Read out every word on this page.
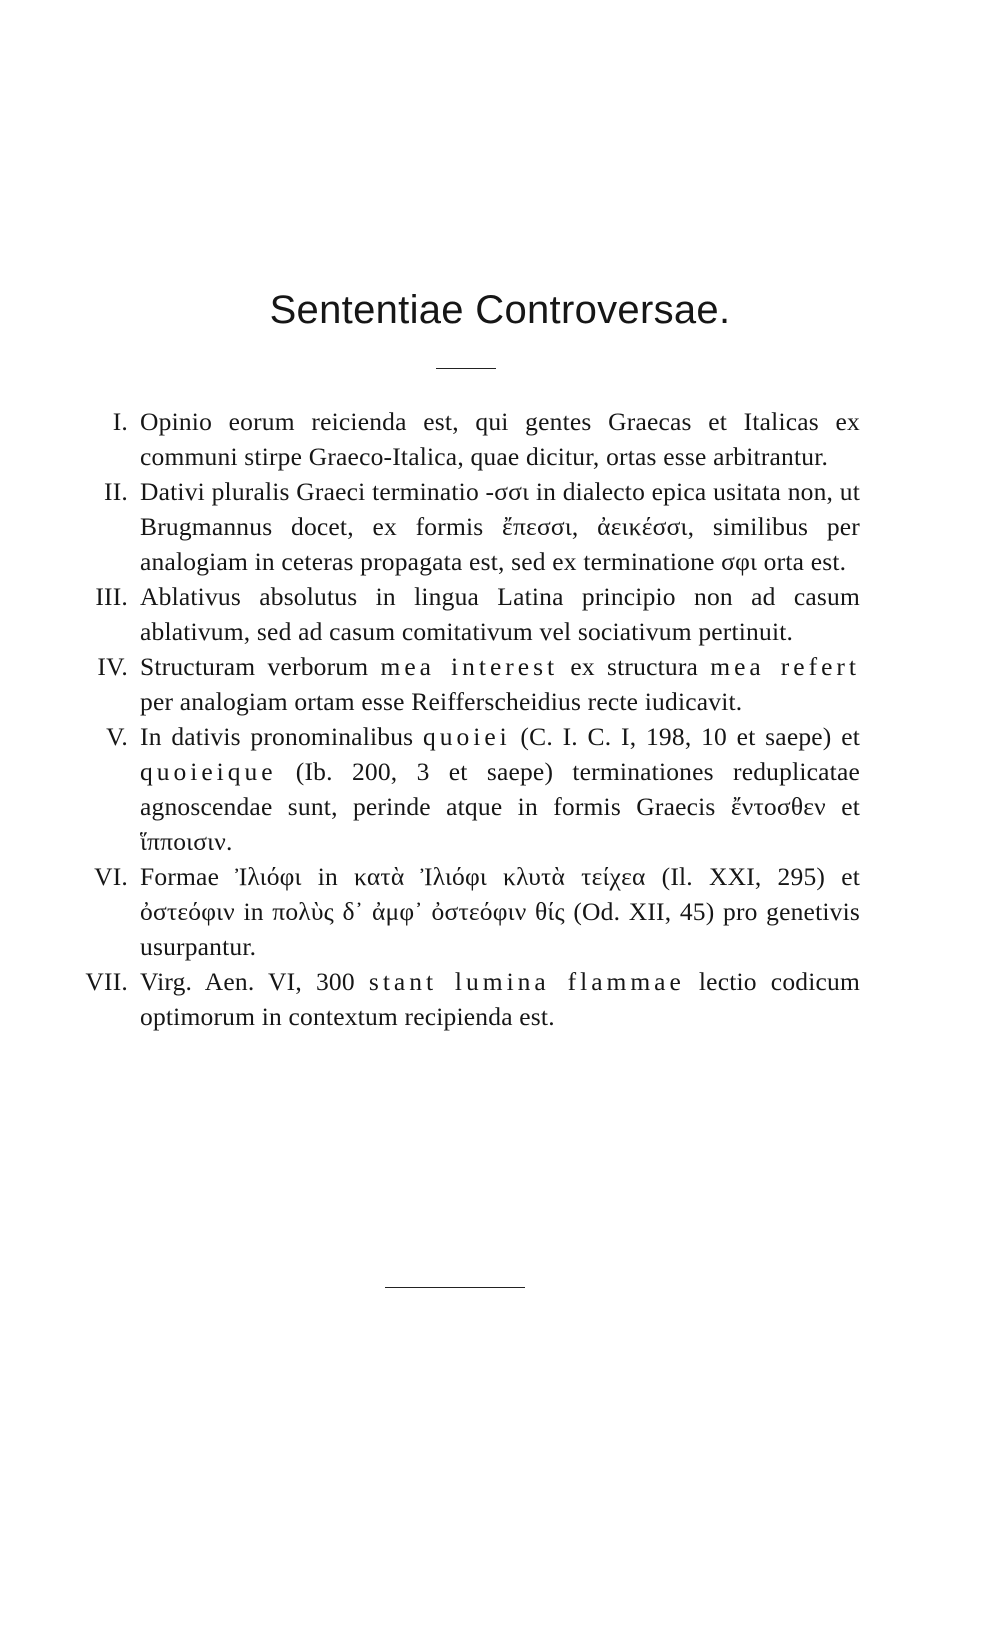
Sententiae Controversae.
I. Opinio eorum reicienda est, qui gentes Graecas et Italicas ex communi stirpe Graeco-Italica, quae dicitur, ortas esse arbitrantur.
II. Dativi pluralis Graeci terminatio -σσι in dialecto epica usitata non, ut Brugmannus docet, ex formis ἔπεσσι, ἀεικέσσι, similibus per analogiam in ceteras propagata est, sed ex terminatione σφι orta est.
III. Ablativus absolutus in lingua Latina principio non ad casum ablativum, sed ad casum comitativum vel sociativum pertinuit.
IV. Structuram verborum mea interest ex structura mea refert per analogiam ortam esse Reifferscheidius recte iudicavit.
V. In dativis pronominalibus quoiei (C. I. C. I, 198, 10 et saepe) et quoieique (Ib. 200, 3 et saepe) terminationes reduplicatae agnoscendae sunt, perinde atque in formis Graecis ἔντοσθεν et ἵπποισιν.
VI. Formae Ἰλιόφι in κατὰ Ἰλιόφι κλυτὰ τείχεα (Il. XXI, 295) et ὀστεόφιν in πολὺς δ᾽ ἀμφ᾽ ὀστεόφιν θίς (Od. XII, 45) pro genetivis usurpantur.
VII. Virg. Aen. VI, 300 stant lumina flammae lectio codicum optimorum in contextum recipienda est.
